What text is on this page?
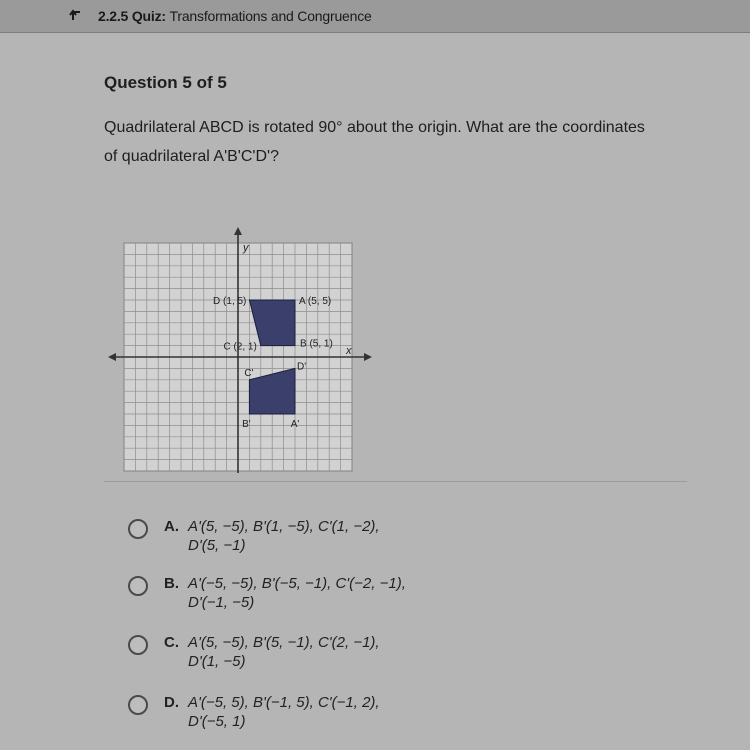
2.2.5 Quiz: Transformations and Congruence
Question 5 of 5
Quadrilateral ABCD is rotated 90° about the origin. What are the coordinates
of quadrilateral A'B'C'D'?
y
x
D (1, 5)	A (5, 5)
B (5, 1)
C (2, 1)
C'
D'
B'	A'
A. A'(5, −5), B'(1, −5), C'(1, −2),
D'(5, −1)
B. A'(−5, −5), B'(−5, −1), C'(−2, −1),
D'(−1, −5)
C. A'(5, −5), B'(5, −1), C'(2, −1),
D'(1, −5)
D. A'(−5, 5), B'(−1, 5), C'(−1, 2),
D'(−5, 1)
